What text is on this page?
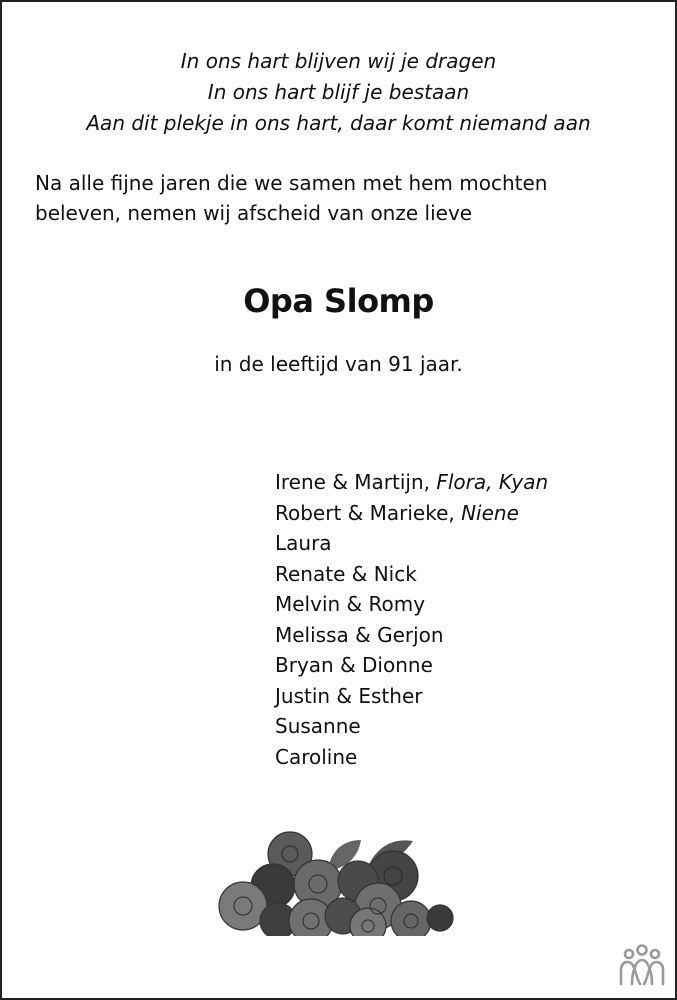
In ons hart blijven wij je dragen
In ons hart blijf je bestaan
Aan dit plekje in ons hart, daar komt niemand aan
Na alle fijne jaren die we samen met hem mochten
beleven, nemen wij afscheid van onze lieve
Opa Slomp
in de leeftijd van 91 jaar.
Irene & Martijn, Flora, Kyan
Robert & Marieke, Niene
Laura
Renate & Nick
Melvin & Romy
Melissa & Gerjon
Bryan & Dionne
Justin & Esther
Susanne
Caroline
